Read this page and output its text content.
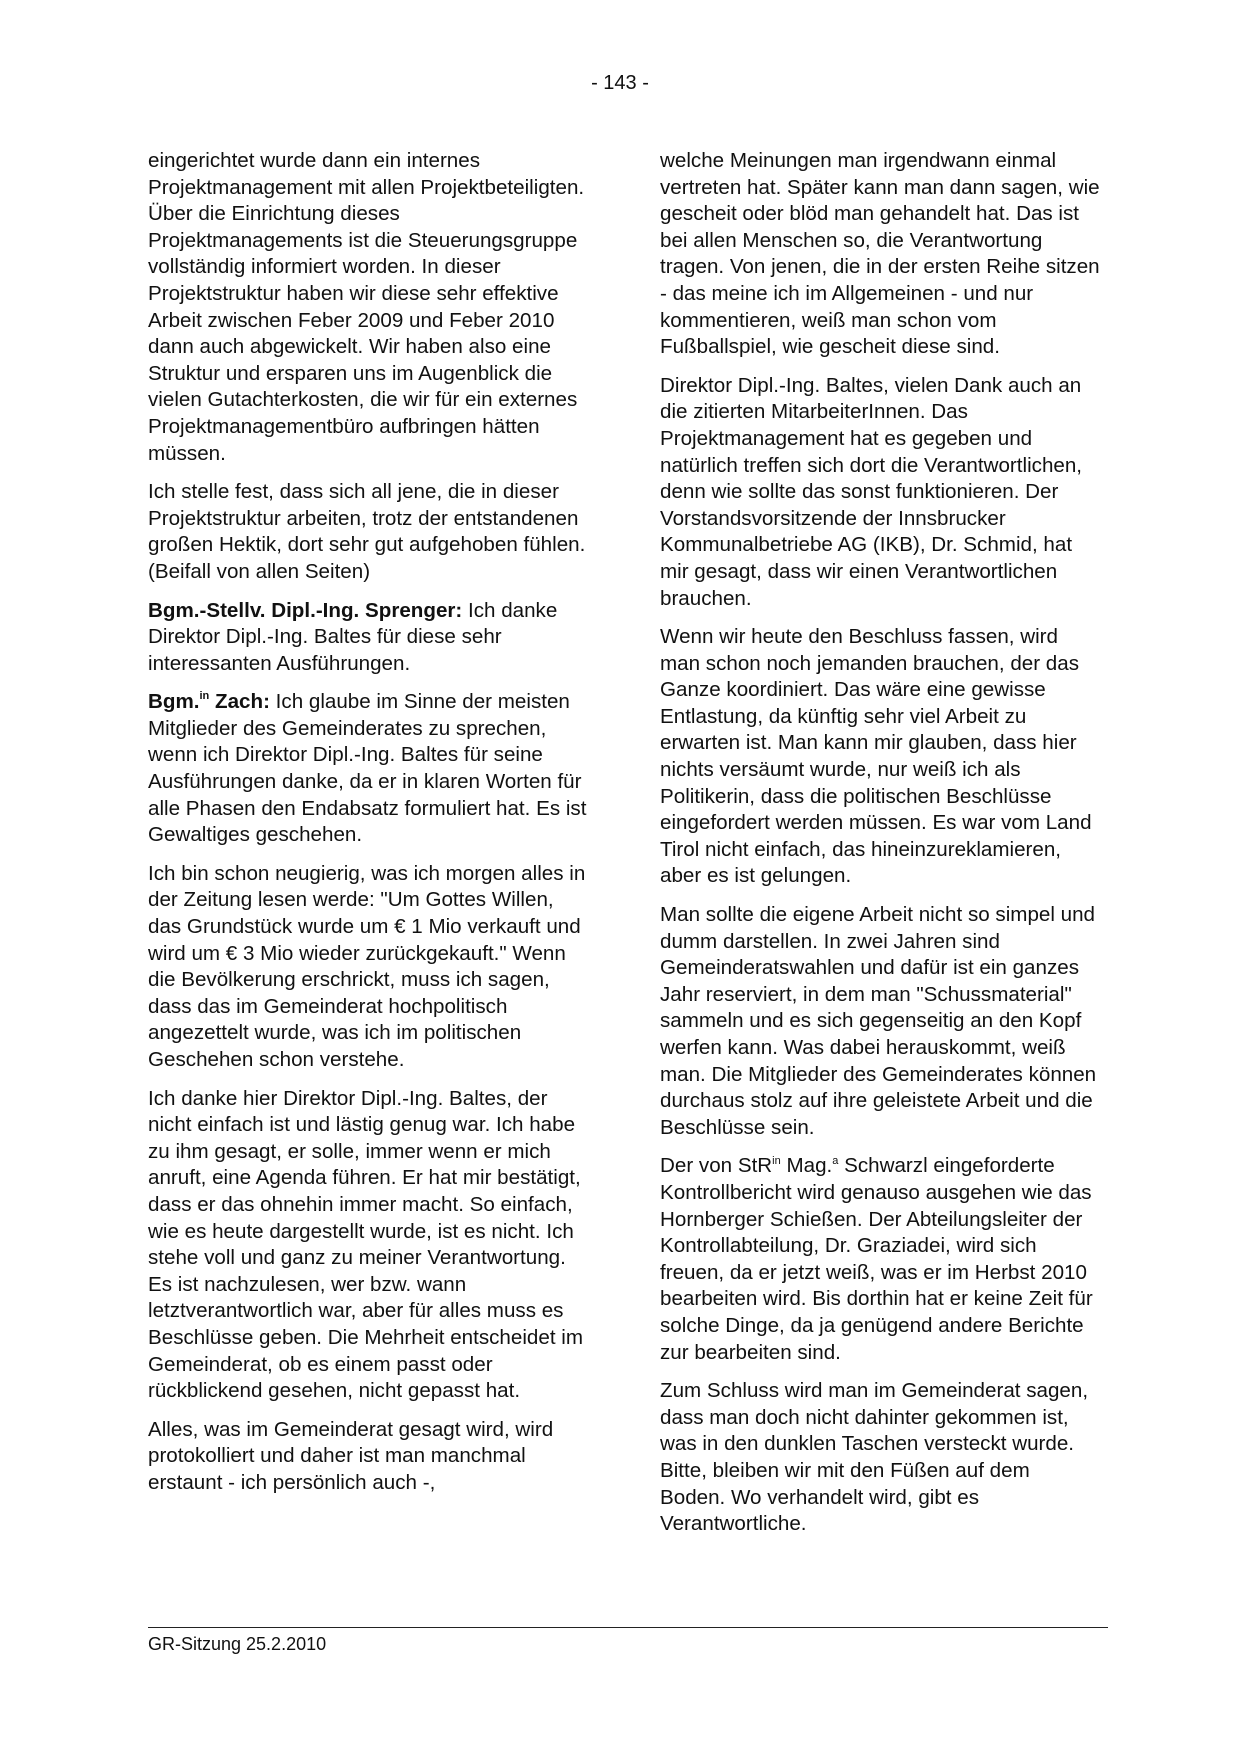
- 143 -

eingerichtet wurde dann ein internes Projektmanagement mit allen Projektbeteiligten. Über die Einrichtung dieses Projektmanagements ist die Steuerungsgruppe vollständig informiert worden. In dieser Projektstruktur haben wir diese sehr effektive Arbeit zwischen Feber 2009 und Feber 2010 dann auch abgewickelt. Wir haben also eine Struktur und ersparen uns im Augenblick die vielen Gutachterkosten, die wir für ein externes Projektmanagementbüro aufbringen hätten müssen.

Ich stelle fest, dass sich all jene, die in dieser Projektstruktur arbeiten, trotz der entstandenen großen Hektik, dort sehr gut aufgehoben fühlen. (Beifall von allen Seiten)

Bgm.-Stellv. Dipl.-Ing. Sprenger: Ich danke Direktor Dipl.-Ing. Baltes für diese sehr interessanten Ausführungen.

Bgm.$^{in}$ Zach: Ich glaube im Sinne der meisten Mitglieder des Gemeinderates zu sprechen, wenn ich Direktor Dipl.-Ing. Baltes für seine Ausführungen danke, da er in klaren Worten für alle Phasen den Endabsatz formuliert hat. Es ist Gewaltiges geschehen.

Ich bin schon neugierig, was ich morgen alles in der Zeitung lesen werde: "Um Gottes Willen, das Grundstück wurde um € 1 Mio verkauft und wird um € 3 Mio wieder zurückgekauft." Wenn die Bevölkerung erschrickt, muss ich sagen, dass das im Gemeinderat hochpolitisch angezettelt wurde, was ich im politischen Geschehen schon verstehe.

Ich danke hier Direktor Dipl.-Ing. Baltes, der nicht einfach ist und lästig genug war. Ich habe zu ihm gesagt, er solle, immer wenn er mich anruft, eine Agenda führen. Er hat mir bestätigt, dass er das ohnehin immer macht. So einfach, wie es heute dargestellt wurde, ist es nicht. Ich stehe voll und ganz zu meiner Verantwortung. Es ist nachzulesen, wer bzw. wann letztverantwortlich war, aber für alles muss es Beschlüsse geben. Die Mehrheit entscheidet im Gemeinderat, ob es einem passt oder rückblickend gesehen, nicht gepasst hat.

Alles, was im Gemeinderat gesagt wird, wird protokolliert und daher ist man manchmal erstaunt - ich persönlich auch -,

welche Meinungen man irgendwann einmal vertreten hat. Später kann man dann sagen, wie gescheit oder blöd man gehandelt hat. Das ist bei allen Menschen so, die Verantwortung tragen. Von jenen, die in der ersten Reihe sitzen - das meine ich im Allgemeinen - und nur kommentieren, weiß man schon vom Fußballspiel, wie gescheit diese sind.

Direktor Dipl.-Ing. Baltes, vielen Dank auch an die zitierten MitarbeiterInnen. Das Projektmanagement hat es gegeben und natürlich treffen sich dort die Verantwortlichen, denn wie sollte das sonst funktionieren. Der Vorstandsvorsitzende der Innsbrucker Kommunalbetriebe AG (IKB), Dr. Schmid, hat mir gesagt, dass wir einen Verantwortlichen brauchen.

Wenn wir heute den Beschluss fassen, wird man schon noch jemanden brauchen, der das Ganze koordiniert. Das wäre eine gewisse Entlastung, da künftig sehr viel Arbeit zu erwarten ist. Man kann mir glauben, dass hier nichts versäumt wurde, nur weiß ich als Politikerin, dass die politischen Beschlüsse eingefordert werden müssen. Es war vom Land Tirol nicht einfach, das hineinzureklamieren, aber es ist gelungen.

Man sollte die eigene Arbeit nicht so simpel und dumm darstellen. In zwei Jahren sind Gemeinderatswahlen und dafür ist ein ganzes Jahr reserviert, in dem man "Schussmaterial" sammeln und es sich gegenseitig an den Kopf werfen kann. Was dabei herauskommt, weiß man. Die Mitglieder des Gemeinderates können durchaus stolz auf ihre geleistete Arbeit und die Beschlüsse sein.

Der von StR$^{in}$ Mag.$^a$ Schwarzl eingeforderte Kontrollbericht wird genauso ausgehen wie das Hornberger Schießen. Der Abteilungsleiter der Kontrollabteilung, Dr. Graziadei, wird sich freuen, da er jetzt weiß, was er im Herbst 2010 bearbeiten wird. Bis dorthin hat er keine Zeit für solche Dinge, da ja genügend andere Berichte zur bearbeiten sind.

Zum Schluss wird man im Gemeinderat sagen, dass man doch nicht dahinter gekommen ist, was in den dunklen Taschen versteckt wurde. Bitte, bleiben wir mit den Füßen auf dem Boden. Wo verhandelt wird, gibt es Verantwortliche.

GR-Sitzung 25.2.2010
